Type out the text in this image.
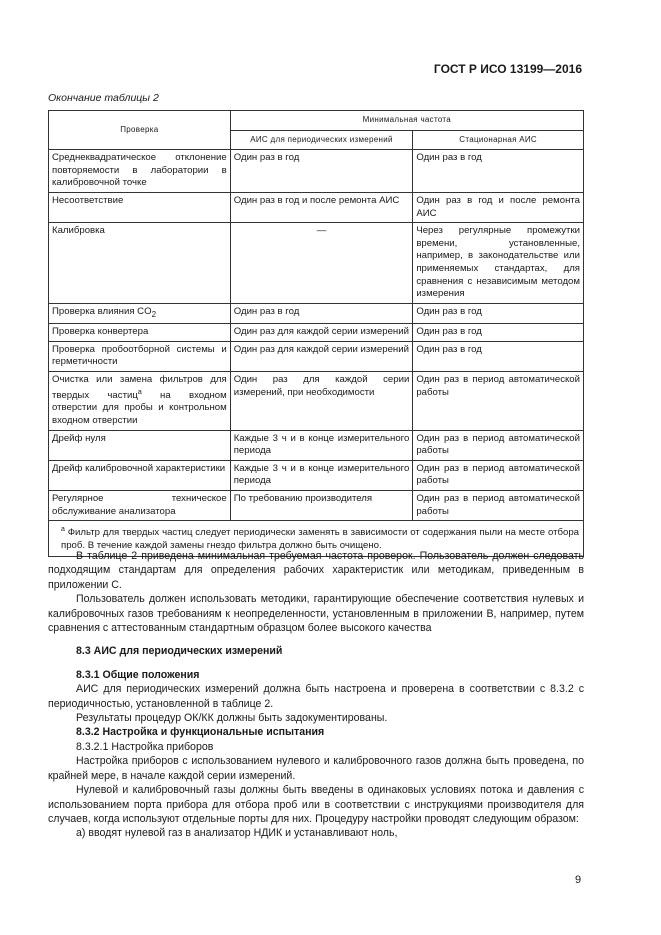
ГОСТ Р ИСО 13199—2016
Окончание таблицы 2
Проверка	Минимальная частота	
	АИС для периодических измерений	Стационарная АИС
Среднеквадратическое отклонение повторяемости в лаборатории в калибровочной точке	Один раз в год	Один раз в год
Несоответствие	Один раз в год и после ремонта АИС	Один раз в год и после ремонта АИС
Калибровка	—	Через регулярные промежутки времени, установленные, например, в законодательстве или применяемых стандартах, для сравнения с независимым методом измерения
Проверка влияния $CO_2$	Один раз в год	Один раз в год
Проверка конвертера	Один раз для каждой серии измерений	Один раз в год
Проверка пробоотборной системы и герметичности	Один раз для каждой серии измерений	Один раз в год
Очистка или замена фильтров для твердых частиц$^а$ на входном отверстии для пробы и контрольном входном отверстии	Один раз для каждой серии измерений, при необходимости	Один раз в период автоматической работы
Дрейф нуля	Каждые 3 ч и в конце измерительного периода	Один раз в период автоматической работы
Дрейф калибровочной характеристики	Каждые 3 ч и в конце измерительного периода	Один раз в период автоматической работы
Регулярное техническое обслуживание анализатора	По требованию производителя	Один раз в период автоматической работы
$^а$ Фильтр для твердых частиц следует периодически заменять в зависимости от содержания пыли на месте отбора проб. В течение каждой замены гнездо фильтра должно быть очищено.		

В таблице 2 приведена минимальная требуемая частота проверок. Пользователь должен следовать подходящим стандартам для определения рабочих характеристик или методикам, приведенным в приложении С.

Пользователь должен использовать методики, гарантирующие обеспечение соответствия нулевых и калибровочных газов требованиям к неопределенности, установленным в приложении В, например, путем сравнения с аттестованным стандартным образцом более высокого качества

8.3 АИС для периодических измерений

8.3.1 Общие положения

АИС для периодических измерений должна быть настроена и проверена в соответствии с 8.3.2 с периодичностью, установленной в таблице 2.

Результаты процедур ОК/КК должны быть задокументированы.

8.3.2 Настройка и функциональные испытания

8.3.2.1 Настройка приборов

Настройка приборов с использованием нулевого и калибровочного газов должна быть проведена, по крайней мере, в начале каждой серии измерений.

Нулевой и калибровочный газы должны быть введены в одинаковых условиях потока и давления с использованием порта прибора для отбора проб или в соответствии с инструкциями производителя для случаев, когда используют отдельные порты для них. Процедуру настройки проводят следующим образом:

а) вводят нулевой газ в анализатор НДИК и устанавливают ноль,

9
